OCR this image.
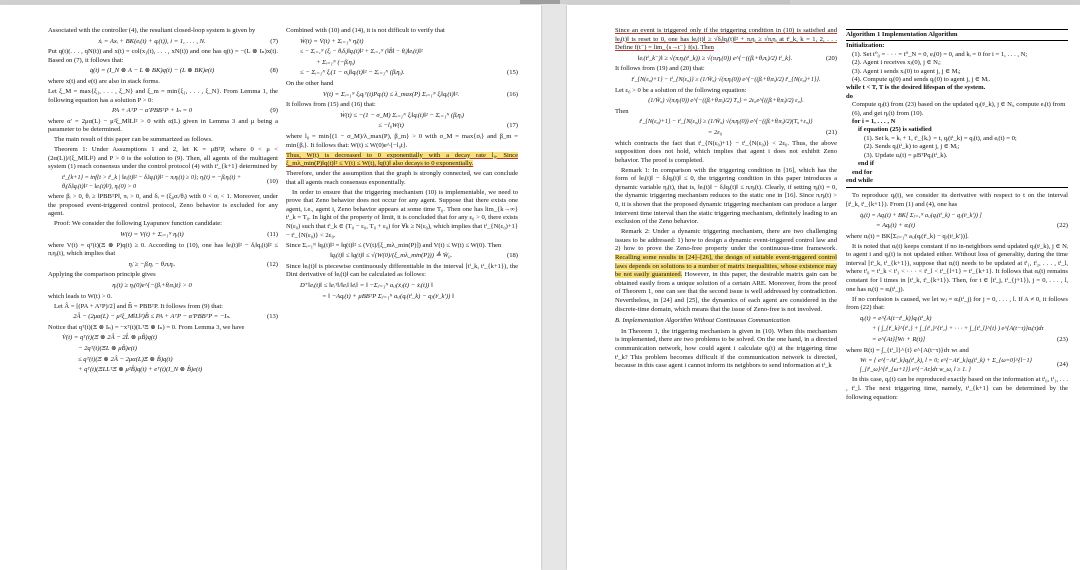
Associated with the controller (4), the resultant closed-loop system is given by

ẋᵢ = Axᵢ + BK(eᵢ(t) + qᵢ(t)), i = 1, . . . , N.	(7)

Put q(t)(. . . , qN(t)) and x(t) = col(x₁(t), . . . , xN(t)) and one has q(t) = −(L ⊗ Iₙ)x(t). Based on (7), it follows that:

q̇(t) = (I_N ⊗ A − L ⊗ BK)q(t) − (L ⊗ BK)e(t)	(8)

where x(t) and e(t) are also in stack forms.

Let ξ_M = max{ξ₁, . . . , ξ_N} and ξ_m = min{ξ₁, . . . , ξ_N}. From Lemma 1, the following equation has a solution P > 0:

PA + AᵀP − α′PBBᵀP + Iₙ = 0	(9)

where α′ = 2μα(L) − μ²ξ_M‖L‖² > 0 with α(L) given in Lemma 3 and μ being a parameter to be determined.

The main result of this paper can be summarized as follows.

Theorem 1: Under Assumptions 1 and 2, let K = μBᵀP, where 0 < μ < (2α(L))/(ξ_M‖L‖²) and P > 0 is the solution to (9). Then, all agents of the multiagent system (1) reach consensus under the control protocol (4) with tⁱ_{k+1} determined by

tⁱ_{k+1} = inf{t > tⁱ_k | ‖eᵢ(t)‖² − δᵢ‖qᵢ(t)‖² − πᵢηᵢ(t) ≥ 0}; η̇ᵢ(t) = −βᵢηᵢ(t) + θᵢ(δᵢ‖qᵢ(t)‖² − ‖eᵢ(t)‖²), ηᵢ(0) > 0
(10)

where βᵢ > 0, θᵢ ≥ ‖PBBᵀP‖, πᵢ > 0, and δᵢ = (ξ₀σᵢ/θᵢ) with 0 < σᵢ < 1. Moreover, under the proposed event-triggered control protocol, Zeno behavior is excluded for any agent.

Proof: We consider the following Lyapunov function candidate:

W(t) = V(t) + Σᵢ₌₁ᴺ ηᵢ(t)	(11)

where V(t) = qᵀ(t)(Ξ ⊗ P)q(t) ≥ 0. According to (10), one has ‖eᵢ(t)‖² − δᵢ‖qᵢ(t)‖² ≤ πᵢηᵢ(t), which implies that

η̇ᵢ ≥ −βᵢηᵢ − θᵢπᵢηᵢ.	(12)

Applying the comparison principle gives

ηᵢ(t) ≥ ηᵢ(0)e^{−(βᵢ+θᵢπᵢ)t} > 0

which leads to W(t) > 0.

Let Â = [(PA + AᵀP)/2] and B̂ = PBBᵀP. It follows from (9) that:

2Â − (2μα(L) − μ²ξ_M‖L‖²)B̂ ≤ PA + AᵀP − α′PBBᵀP = −Iₙ.	(13)

Notice that qᵀ(t)(Ξ ⊗ Iₙ) = −xᵀ(t)(LᵀΞ ⊗ Iₙ) = 0. From Lemma 3, we have

V̇(t) = qᵀ(t)(Ξ ⊗ 2Â − 2L̂ ⊗ μB̂)q(t)
− 2qᵀ(t)(ΞL ⊗ μB̂)e(t)
≤ qᵀ(t)(Ξ ⊗ 2Â − 2μα(L)Ξ ⊗ B̂)q(t)
+ qᵀ(t)(ΞLLᵀΞ ⊗ μ²B̂)q(t) + eᵀ(t)(I_N ⊗ B̂)e(t)

Combined with (10) and (14), it is not difficult to verify that

Ẇ(t) = V̇(t) + Σᵢ₌₁ᴺ η̇ᵢ(t)
≤ − Σᵢ₌₁ᴺ (ξᵢ − θᵢδᵢ)‖qᵢ(t)‖² + Σᵢ₌₁ᴺ (‖B̂‖ − θᵢ)‖eᵢ(t)‖²
+ Σᵢ₌₁ᴺ (−βᵢηᵢ)
≤ − Σᵢ₌₁ᴺ ξᵢ(1 − σᵢ)‖qᵢ(t)‖² − Σᵢ₌₁ᴺ (βᵢηᵢ).	(15)

On the other hand

V(t) = Σᵢ₌₁ᴺ ξᵢqᵢᵀ(t)Pqᵢ(t) ≤ λ_max(P) Σᵢ₌₁ᴺ ξᵢ‖qᵢ(t)‖².	(16)

It follows from (15) and (16) that:

Ẇ(t) ≤ −(1 − σ_M) Σᵢ₌₁ᴺ ξᵢ‖qᵢ(t)‖² − Σᵢ₌₁ᴺ (βᵢηᵢ)
≤ −l₀W(t)	(17)

where l₀ = min{(1 − σ_M)/λ_max(P), β_m} > 0 with σ_M = max{σᵢ} and β_m = min{βᵢ}. It follows that: W(t) ≤ W(0)e^{−l₀t}.

Thus, W(t) is decreased to 0 exponentially with a decay rate l₀. Since ξ_mλ_min(P)‖q(t)‖² ≤ V(t) ≤ W(t), ‖q(t)‖ also decays to 0 exponentially.

Therefore, under the assumption that the graph is strongly connected, we can conclude that all agents reach consensus exponentially.

In order to ensure that the triggering mechanism (10) is implementable, we need to prove that Zeno behavior does not occur for any agent. Suppose that there exists one agent, i.e., agent i, Zeno behavior appears at some time T₀. Then one has lim_{k→∞} tⁱ_k = T₀. In light of the property of limit, it is concluded that for any ε₀ > 0, there exists N(ε₀) such that tⁱ_k ∈ (T₀ − ε₀, T₀ + ε₀) for ∀k ≥ N(ε₀), which implies that tⁱ_{N(ε₀)+1} − tⁱ_{N(ε₀)} < 2ε₀.

Since Σᵢ₌₁ᴺ ‖qᵢ(t)‖² = ‖q(t)‖² ≤ (V(t)/[ξ_mλ_min(P)]) and V(t) ≤ W(t) ≤ W(0). Then

‖qᵢ(t)‖ ≤ ‖q(t)‖ ≤ √(W(0)/(ξ_mλ_min(P))) ≜ W̄₀.	(18)

Since ‖eᵢ(t)‖ is piecewise continuously differentiable in the interval [tⁱ_k, tⁱ_{k+1}), the Dini derivative of ‖eᵢ(t)‖ can be calculated as follows:

D⁺‖eᵢ(t)‖ ≤ ‖eᵢᵀ‖/‖eᵢ‖ ‖ėᵢ‖ = ‖ −Σⱼ₌₁ᴺ aᵢⱼ(ẋⱼ(t) − ẋᵢ(t)) ‖
= ‖ −Aqᵢ(t) + μBBᵀP Σⱼ₌₁ᴺ aᵢⱼ(qᵢ(tⁱ_k) − qⱼ(tʲ_k′)) ‖

Since an event is triggered only if the triggering condition in (10) is satisfied and ‖eᵢ(t)‖ is reset to 0, one has ‖eᵢ(t)‖ ≥ √δᵢ‖qᵢ(t)‖² + πᵢηᵢ ≥ √πᵢηᵢ at tⁱ_k, k = 1, 2, . . . Define f(t⁻) = lim_{s→t⁻} f(s). Then

‖eᵢ(tⁱ_k⁻)‖ ≥ √(πᵢηᵢ(tⁱ_k)) ≥ √(πᵢηᵢ(0)) e^{−((βᵢ+θᵢπᵢ)/2) tⁱ_k}.	(20)

It follows from (19) and (20) that:

tⁱ_{N(ε₀)+1} − tⁱ_{N(ε₀)} ≥ (1/W̄₀) √(πᵢηᵢ(0)) e^{−((βᵢ+θᵢπᵢ)/2) tⁱ_{N(ε₀)+1}}.

Let ε₀ > 0 be a solution of the following equation:

(1/W̄₀) √(πᵢηᵢ(0)) e^{−((βᵢ+θᵢπᵢ)/2) T₀} = 2ε₀e^{((βᵢ+θᵢπᵢ)/2) ε₀}.

Then

tⁱ_{N(ε₀)+1} − tⁱ_{N(ε₀)} ≥ (1/W̄₀) √(πᵢηᵢ(0)) e^{−((βᵢ+θᵢπᵢ)/2)(T₀+ε₀)}
= 2ε₀	(21)

which contracts the fact that tⁱ_{N(ε₀)+1} − tⁱ_{N(ε₀)} < 2ε₀. Thus, the above supposition does not hold, which implies that agent i does not exhibit Zeno behavior. The proof is completed.

Remark 1: In comparison with the triggering condition in [16], which has the form of ‖eᵢ(t)‖ − δᵢ‖qᵢ(t)‖ ≤ 0, the triggering condition in this paper introduces a dynamic variable ηᵢ(t), that is, ‖eᵢ(t)‖ − δᵢ‖qᵢ(t)‖ ≤ πᵢηᵢ(t). Clearly, if setting ηᵢ(t) = 0, the dynamic triggering mechanism reduces to the static one in [16]. Since πᵢηᵢ(t) > 0, it is shown that the proposed dynamic triggering mechanism can produce a larger intervent time interval than the static triggering mechanism, definitely leading to an exclusion of the Zeno behavior.

Remark 2: Under a dynamic triggering mechanism, there are two challenging issues to be addressed: 1) how to design a dynamic event-triggered control law and 2) how to prove the Zeno-free property under the continuous-time framework. Recalling some results in [24]–[26], the design of suitable event-triggered control laws depends on solutions to a number of matrix inequalities, whose existence may be not easily guaranteed. However, in this paper, the desirable matrix gain can be obtained easily from a unique solution of a certain ARE. Moreover, from the proof of Theorem 1, one can see that the second issue is well addressed by contradiction. Nevertheless, in [24] and [25], the dynamics of each agent are considered in the discrete-time domain, which means that the issue of Zeno-free is not involved.

B. Implementation Algorithm Without Continuous Communication

In Theorem 1, the triggering mechanism is given in (10). When this mechanism is implemented, there are two problems to be solved. On the one hand, in a directed communication network, how could agent i calculate qᵢ(t) at the triggering time tⁱ_k? This problem becomes difficult if the communication network is directed, because in this case agent i cannot inform its neighbors to send information at tⁱ_k

Algorithm 1 Implementation Algorithm
Initialization:
(1). Set t⁰₀ = · · · = t⁰_N = 0, eᵢ(0) = 0, and kᵢ = 0 for i = 1, . . . , N;
(2). Agent i receives xⱼ(0), j ∈ Nᵢ;
(3). Agent i sends xᵢ(0) to agent j, j ∈ Mᵢ;
(4). Compute qᵢ(0) and sends qᵢ(0) to agent j, j ∈ Mᵢ.
while t < T, T is the desired lifespan of the system.
do
Compute qⱼ(t) from (23) based on the updated qⱼ(tʲ_k), j ∈ Nᵢ, compute eᵢ(t) from (6), and get ηᵢ(t) from (10).
for i = 1, . . . , N
if equation (25) is satisfied
(1). Set kᵢ = kᵢ + 1, tⁱ_{kᵢ} = t, qᵢ(tⁱ_k) = qᵢ(t), and eᵢ(t) = 0;
(2). Sends qᵢ(tⁱ_k) to agent j, j ∈ Mᵢ;
(3). Update uᵢ(t) = μBᵀPqᵢ(tⁱ_k).
end if
end for
end while

To reproduce qᵢ(t), we consider its derivative with respect to t on the interval [tⁱ_k, tⁱ_{k+1}). From (1) and (4), one has

q̇ᵢ(t) = Aqᵢ(t) + BK[ Σⱼ₌₁ᴺ aᵢⱼ(qᵢ(tⁱ_k) − qⱼ(tʲ_k′)) ]
= Aqᵢ(t) + αᵢ(t)	(22)

where αᵢ(t) = BK[Σⱼ₌₁ᴺ aᵢⱼ(qᵢ(tⁱ_k) − qⱼ(tʲ_k′))].

It is noted that αᵢ(t) keeps constant if no in-neighbors send updated qⱼ(tʲ_k), j ∈ Nᵢ to agent i and qᵢ(t) is not updated either. Without loss of generality, during the time interval [tⁱ_k, tⁱ_{k+1}), suppose that αᵢ(t) needs to be updated at tⁱ₁, tⁱ₂, . . . , tⁱ_l, where tⁱ₀ = tⁱ_k < tⁱ₁ < · · · < tⁱ_l < tⁱ_{l+1} = tⁱ_{k+1}. It follows that αᵢ(t) remains constant for l times in [tⁱ_k, tⁱ_{k+1}). Then, for t ∈ [tⁱ_j, tⁱ_{j+1}), j = 0, . . . , l, one has αᵢ(t) = αᵢ(tⁱ_j).

If no confusion is caused, we let wⱼ = αᵢ(tⁱ_j) for j = 0, . . . , l. If A ≠ 0, it follows from (22) that:

qᵢ(t) = e^{A(t−tⁱ_k)}qᵢ(tⁱ_k)
+ ( ∫_{tⁱ_k}^{tⁱ₁} + ∫_{tⁱ₁}^{tⁱ₂} + · · · + ∫_{tⁱ_l}^{t} ) e^{A(t−τ)}αᵢ(τ)dτ
= e^{At}[Wₗ + R(t)]	(23)

where R(t) = ∫_{tⁱ_l}^{t} e^{A(t−τ)}dτ wₗ and

Wₗ = { e^{−Atⁱ_k}qᵢ(tⁱ_k), l = 0; e^{−Atⁱ_k}qᵢ(tⁱ_k) + Σ_{ω=0}^{l−1} ∫_{tⁱ_ω}^{tⁱ_{ω+1}} e^{−Aτ}dτ w_ω, l ≥ 1. }
(24)

In this case, qᵢ(t) can be reproduced exactly based on the information at tⁱ₀, tⁱ₁, . . . , tⁱ_l. The next triggering time, namely, tⁱ_{k+1} can be determined by the following equation:
